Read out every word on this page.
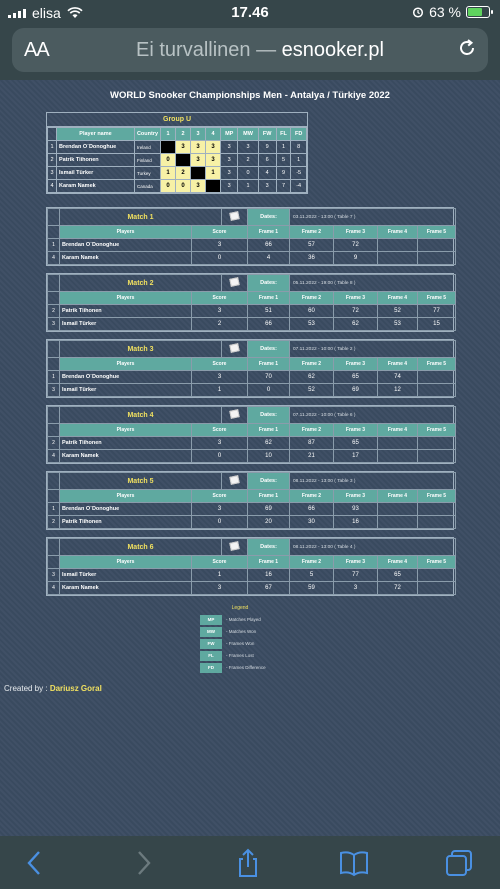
elisa	17.46	63 %
AA	Ei turvallinen — esnooker.pl
WORLD Snooker Championships Men - Antalya / Türkiye 2022
Group U
	Player name	Country	1	2	3	4	MP	MW	FW	FL	FD
1	Brendan O`Donoghue	Ireland		3	3	3	3	3	9	1	8
2	Patrik Tiihonen	Finland	0		3	3	3	2	6	5	1
3	Ismail Türker	Turkey	1	2		1	3	0	4	9	-5
4	Karam Namek	Canada	0	0	3		3	1	3	7	-4
	Match 1			Dates:	03.11.2022 - 13:00 ( Table 7 )			
	Players	Score		Frame 1	Frame 2	Frame 3	Frame 4	Frame 5
1	Brendan O`Donoghue	3		66	57	72		
4	Karam Namek	0		4	36	9		
	Match 2			Dates:	05.11.2022 - 19:00 ( Table 8 )			
	Players	Score		Frame 1	Frame 2	Frame 3	Frame 4	Frame 5
2	Patrik Tiihonen	3		51	60	72	52	77
3	Ismail Türker	2		66	53	62	53	15
	Match 3			Dates:	07.11.2022 - 10:00 ( Table 2 )			
	Players	Score		Frame 1	Frame 2	Frame 3	Frame 4	Frame 5
1	Brendan O`Donoghue	3		70	62	65	74	
3	Ismail Türker	1		0	52	69	12	
	Match 4			Dates:	07.11.2022 - 10:00 ( Table 6 )			
	Players	Score		Frame 1	Frame 2	Frame 3	Frame 4	Frame 5
2	Patrik Tiihonen	3		62	87	65		
4	Karam Namek	0		10	21	17		
	Match 5			Dates:	08.11.2022 - 13:00 ( Table 3 )			
	Players	Score		Frame 1	Frame 2	Frame 3	Frame 4	Frame 5
1	Brendan O`Donoghue	3		69	66	93		
2	Patrik Tiihonen	0		20	30	16		
	Match 6			Dates:	08.11.2022 - 13:00 ( Table 4 )			
	Players	Score		Frame 1	Frame 2	Frame 3	Frame 4	Frame 5
3	Ismail Türker	1		16	5	77	65	
4	Karam Namek	3		67	59	3	72	
Legend
MP	- Matches Played
MW	- Matches Won
FW	- Frames Won
FL	- Frames Lost
FD	- Frames Difference
Created by : Dariusz Goral
